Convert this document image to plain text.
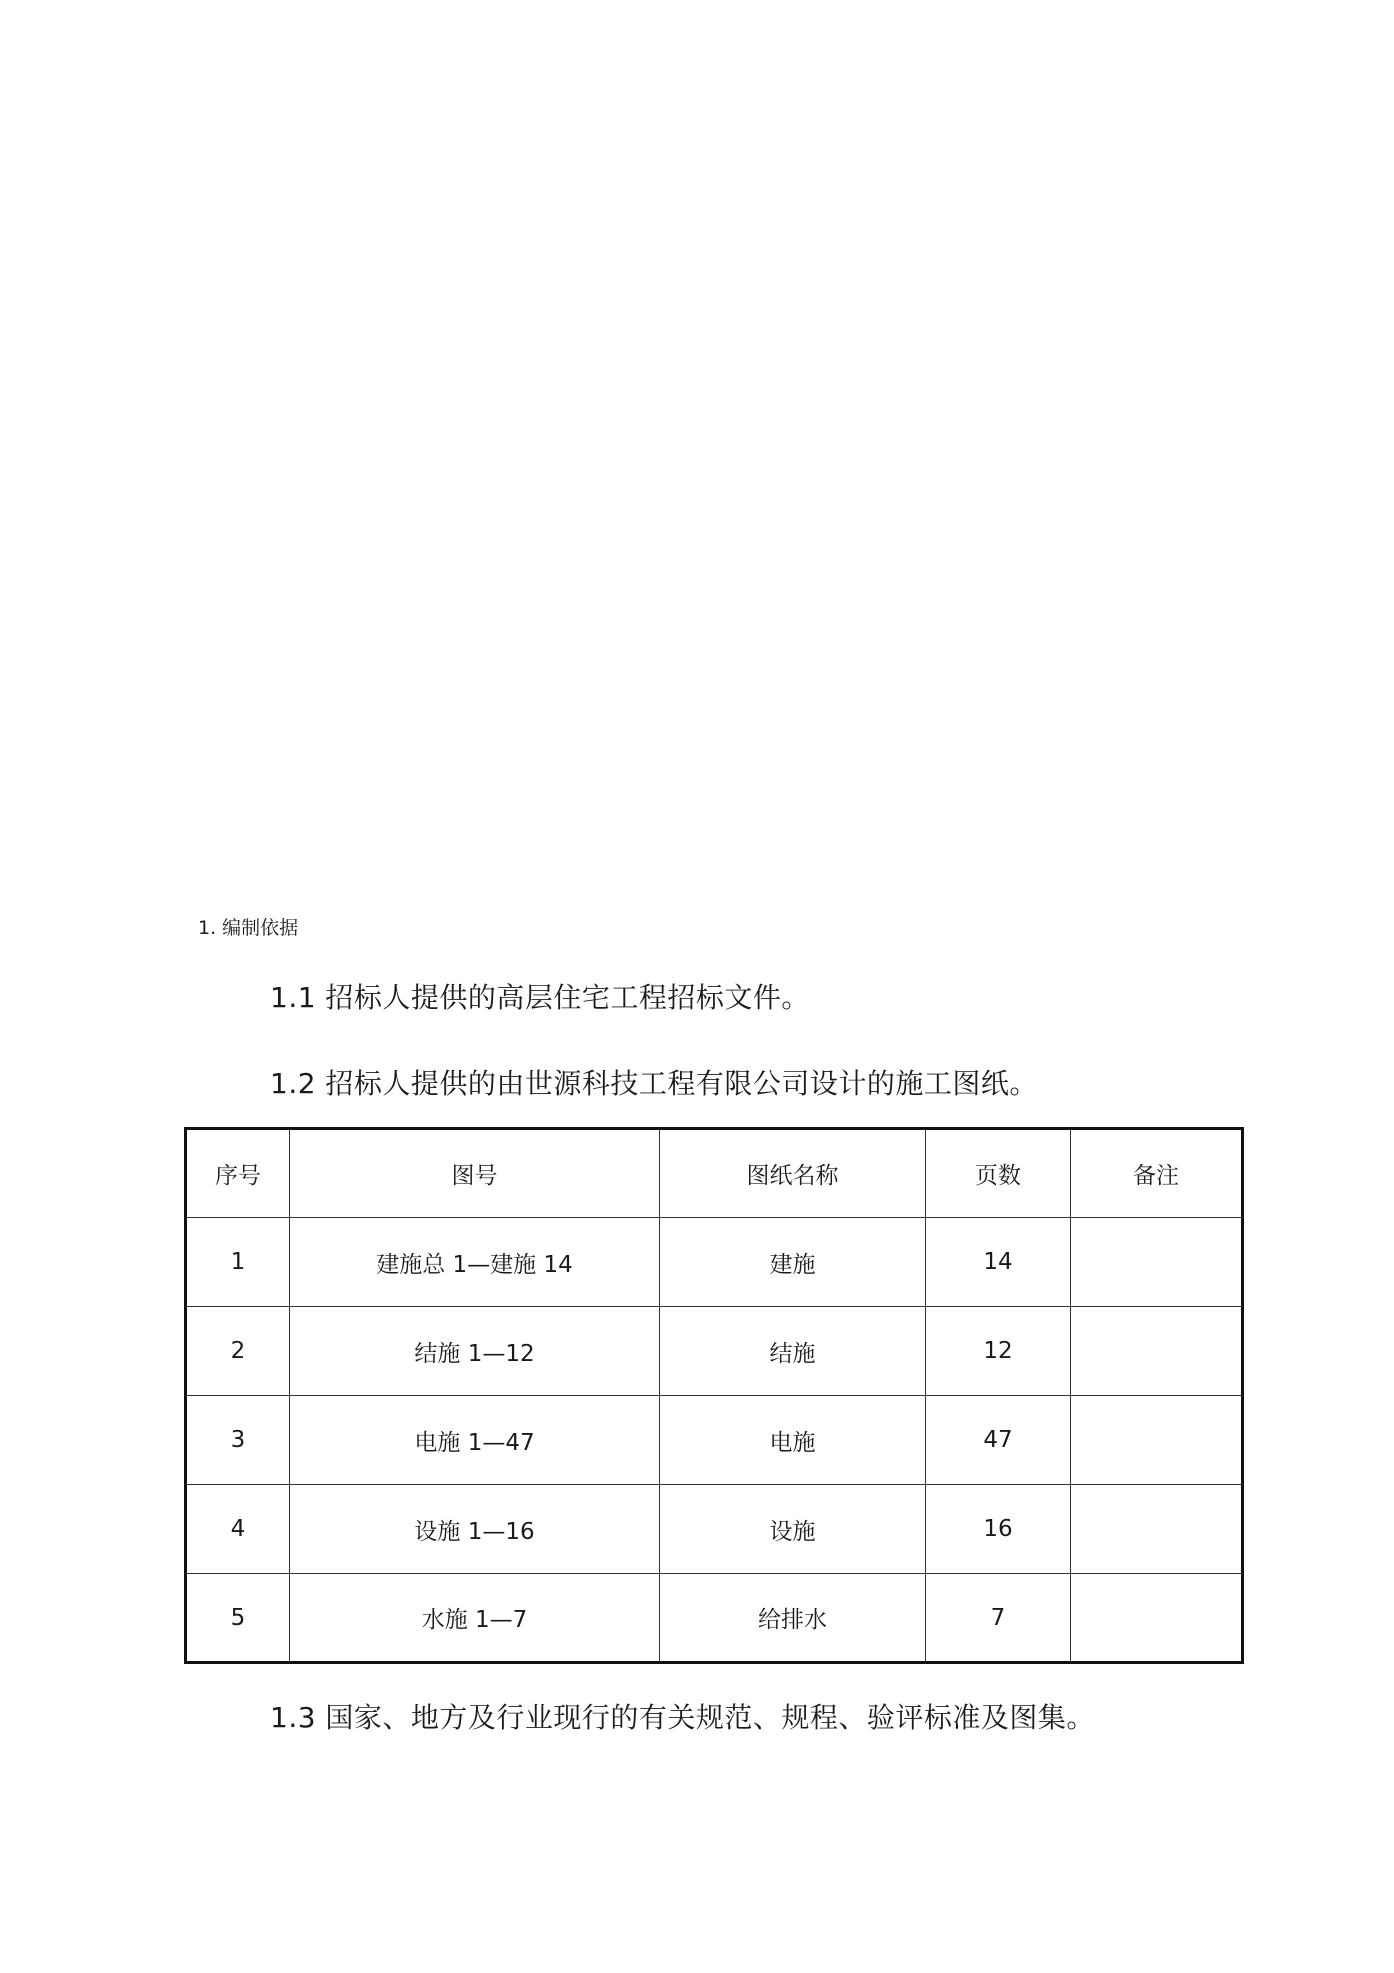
1. 编制依据
1.1 招标人提供的高层住宅工程招标文件。
1.2 招标人提供的由世源科技工程有限公司设计的施工图纸。
序号	图号	图纸名称	页数	备注
1	建施总 1—建施 14	建施	14	
2	结施 1—12	结施	12	
3	电施 1—47	电施	47	
4	设施 1—16	设施	16	
5	水施 1—7	给排水	7	
1.3 国家、地方及行业现行的有关规范、规程、验评标准及图集。
